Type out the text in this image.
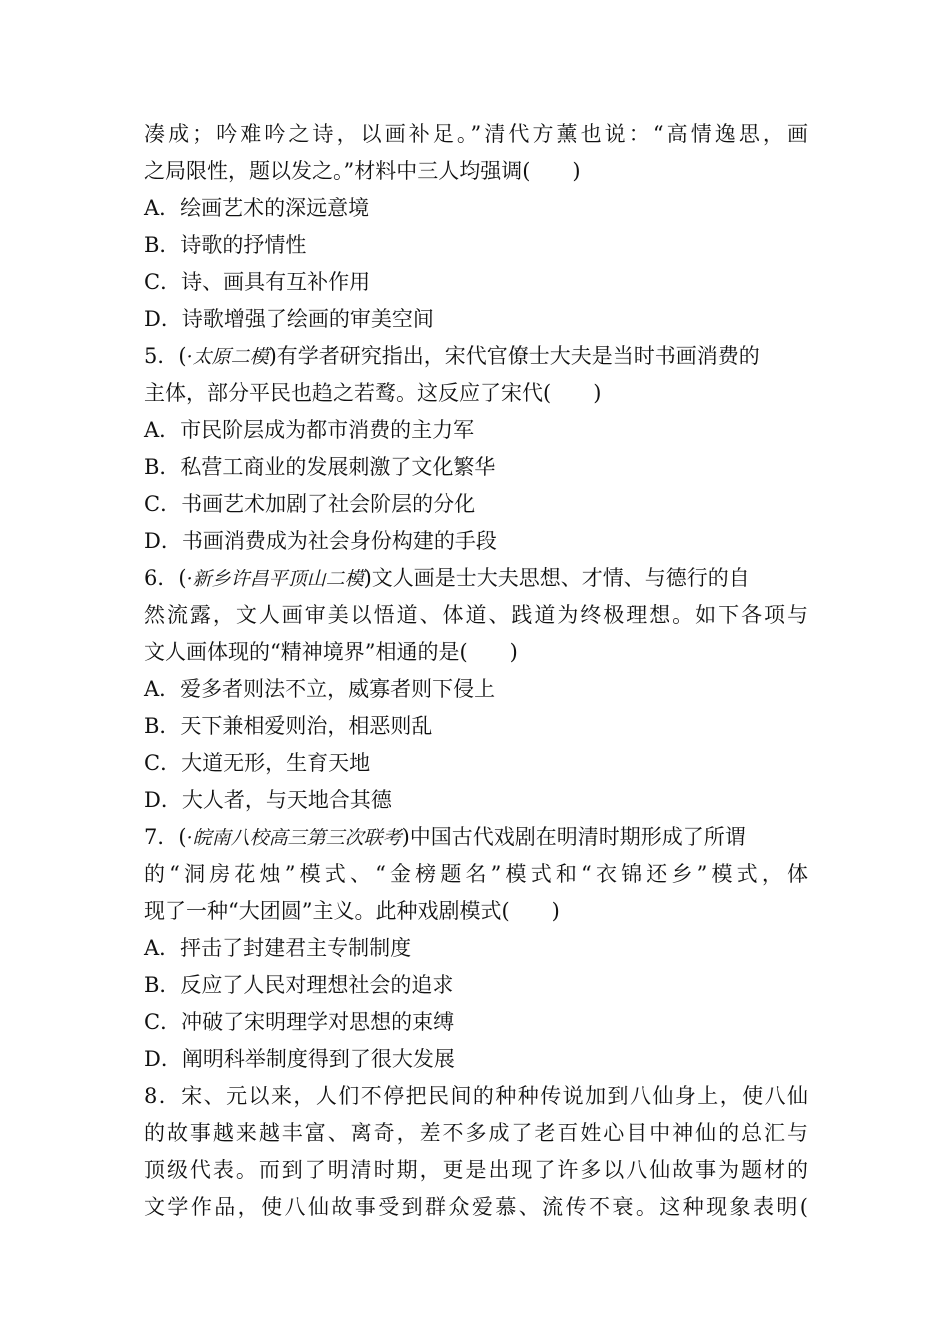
凑成；吟难吟之诗，以画补足。”清代方薰也说：“高情逸思，画
之局限性，题以发之。”材料中三人均强调(　　)
A．绘画艺术的深远意境
B．诗歌的抒情性
C．诗、画具有互补作用
D．诗歌增强了绘画的审美空间
5．(·太原二模)有学者研究指出，宋代官僚士大夫是当时书画消费的
主体，部分平民也趋之若鹜。这反应了宋代(　　)
A．市民阶层成为都市消费的主力军
B．私营工商业的发展刺激了文化繁华
C．书画艺术加剧了社会阶层的分化
D．书画消费成为社会身份构建的手段
6．(·新乡许昌平顶山二模)文人画是士大夫思想、才情、与德行的自
然流露，文人画审美以悟道、体道、践道为终极理想。如下各项与
文人画体现的“精神境界”相通的是(　　)
A．爱多者则法不立，威寡者则下侵上
B．天下兼相爱则治，相恶则乱
C．大道无形，生育天地
D．大人者，与天地合其德
7．(·皖南八校高三第三次联考)中国古代戏剧在明清时期形成了所谓
的“洞房花烛”模式、“金榜题名”模式和“衣锦还乡”模式，体
现了一种“大团圆”主义。此种戏剧模式(　　)
A．抨击了封建君主专制制度
B．反应了人民对理想社会的追求
C．冲破了宋明理学对思想的束缚
D．阐明科举制度得到了很大发展
8．宋、元以来，人们不停把民间的种种传说加到八仙身上，使八仙
的故事越来越丰富、离奇，差不多成了老百姓心目中神仙的总汇与
顶级代表。而到了明清时期，更是出现了许多以八仙故事为题材的
文学作品，使八仙故事受到群众爱慕、流传不衰。这种现象表明(
